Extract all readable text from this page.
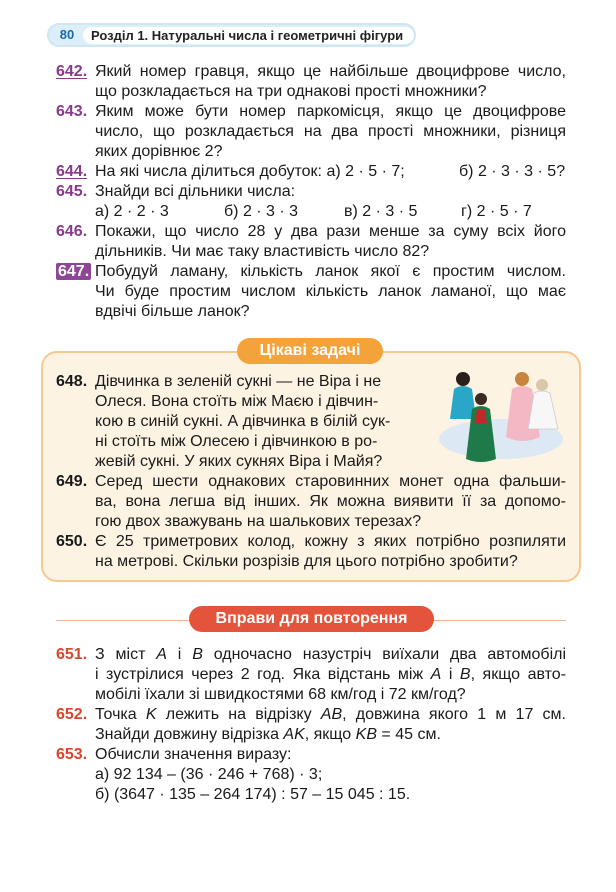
80	Розділ 1. Натуральні числа і геометричні фігури
642. Який номер гравця, якщо це найбільше двоцифрове число,
що розкладається на три однакові прості множники?
643. Яким може бути номер паркомісця, якщо це двоцифрове
число, що розкладається на два прості множники, різниця
яких дорівнює 2?
644. На які числа ділиться добуток: а) 2 · 5 · 7;	б) 2 · 3 · 3 · 5?
645. Знайди всі дільники числа:
а) 2 · 2 · 3	б) 2 · 3 · 3	в) 2 · 3 · 5	г) 2 · 5 · 7
646. Покажи, що число 28 у два рази менше за суму всіх його
дільників. Чи має таку властивість число 82?
647. Побудуй ламану, кількість ланок якої є простим числом.
Чи буде простим числом кількість ланок ламаної, що має
вдвічі більше ланок?
Цікаві задачі
648. Дівчинка в зеленій сукні — не Віра і не
Олеся. Вона стоїть між Маєю і дівчин-
кою в синій сукні. А дівчинка в білій сук-
ні стоїть між Олесею і дівчинкою в ро-
жевій сукні. У яких сукнях Віра і Майя?
649. Серед шести однакових старовинних монет одна фальши-
ва, вона легша від інших. Як можна виявити її за допомо-
гою двох зважувань на шалькових терезах?
650. Є 25 триметрових колод, кожну з яких потрібно розпиляти
на метрові. Скільки розрізів для цього потрібно зробити?
Вправи для повторення
651. З міст A і B одночасно назустріч виїхали два автомобілі
і зустрілися через 2 год. Яка відстань між A і B, якщо авто-
мобілі їхали зі швидкостями 68 км/год і 72 км/год?
652. Точка K лежить на відрізку AB, довжина якого 1 м 17 см.
Знайди довжину відрізка AK, якщо KB = 45 см.
653. Обчисли значення виразу:
а) 92 134 – (36 · 246 + 768) · 3;
б) (3647 · 135 – 264 174) : 57 – 15 045 : 15.
